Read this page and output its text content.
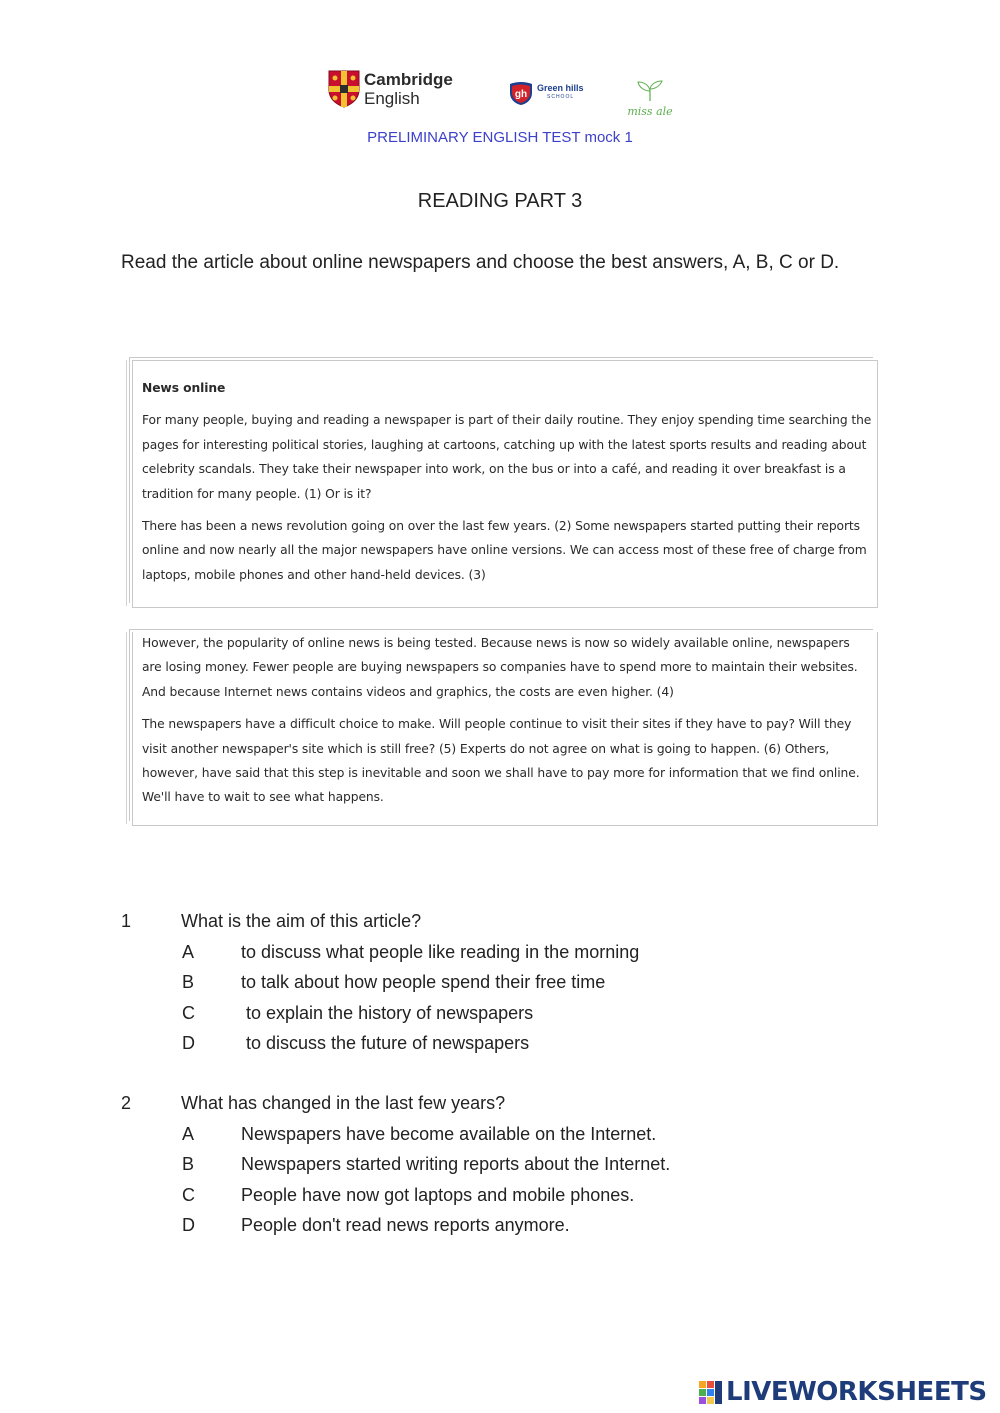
Cambridge
English	gh
Green hills
SCHOOL
miss ale
PRELIMINARY ENGLISH TEST mock 1
READING PART 3
Read the article about online newspapers and choose the best answers, A, B, C or D.

News online

For many people, buying and reading a newspaper is part of their daily routine. They enjoy spending time searching the pages for interesting political stories, laughing at cartoons, catching up with the latest sports results and reading about celebrity scandals. They take their newspaper into work, on the bus or into a café, and reading it over breakfast is a tradition for many people. (1) Or is it?

There has been a news revolution going on over the last few years. (2) Some newspapers started putting their reports online and now nearly all the major newspapers have online versions. We can access most of these free of charge from laptops, mobile phones and other hand-held devices. (3)

However, the popularity of online news is being tested. Because news is now so widely available online, newspapers are losing money. Fewer people are buying newspapers so companies have to spend more to maintain their websites. And because Internet news contains videos and graphics, the costs are even higher. (4)

The newspapers have a difficult choice to make. Will people continue to visit their sites if they have to pay? Will they visit another newspaper's site which is still free? (5) Experts do not agree on what is going to happen. (6) Others, however, have said that this step is inevitable and soon we shall have to pay more for information that we find online. We'll have to wait to see what happens.

1	What is the aim of this article?
A	to discuss what people like reading in the morning
B	to talk about how people spend their free time
C	to explain the history of newspapers
D	to discuss the future of newspapers
2	What has changed in the last few years?
A	Newspapers have become available on the Internet.
B	Newspapers started writing reports about the Internet.
C	People have now got laptops and mobile phones.
D	People don't read news reports anymore.
LIVEWORKSHEETS
